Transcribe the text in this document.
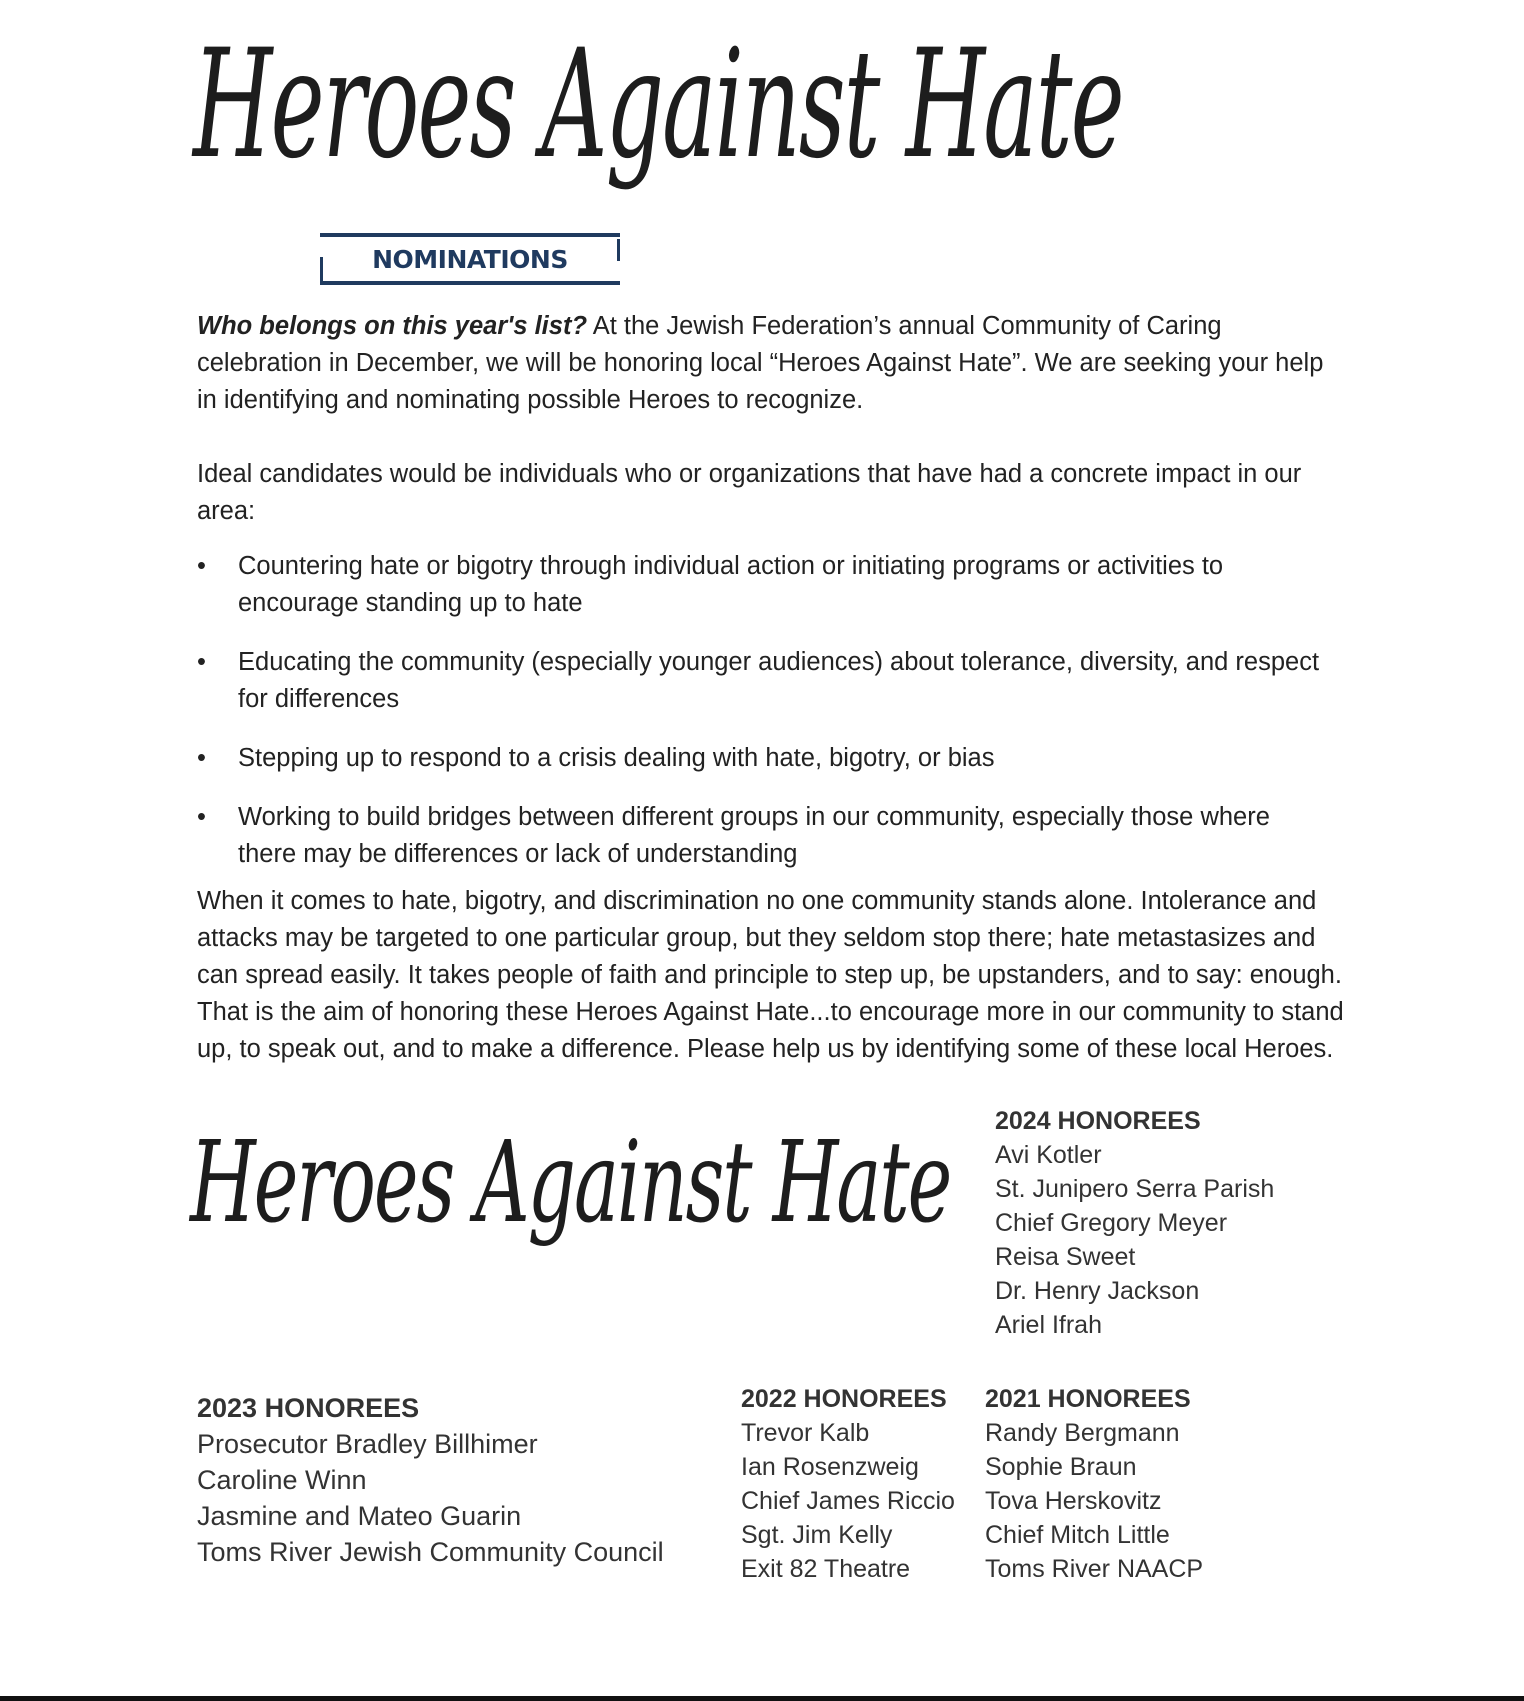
Heroes Against Hate
NOMINATIONS

Who belongs on this year's list? At the Jewish Federation’s annual Community of Caring celebration in December, we will be honoring local “Heroes Against Hate”. We are seeking your help in identifying and nominating possible Heroes to recognize.

Ideal candidates would be individuals who or organizations that have had a concrete impact in our area:

• Countering hate or bigotry through individual action or initiating programs or activities to encourage standing up to hate
• Educating the community (especially younger audiences) about tolerance, diversity, and respect for differences
• Stepping up to respond to a crisis dealing with hate, bigotry, or bias
• Working to build bridges between different groups in our community, especially those where there may be differences or lack of understanding

When it comes to hate, bigotry, and discrimination no one community stands alone. Intolerance and attacks may be targeted to one particular group, but they seldom stop there; hate metastasizes and can spread easily. It takes people of faith and principle to step up, be upstanders, and to say: enough. That is the aim of honoring these Heroes Against Hate...to encourage more in our community to stand up, to speak out, and to make a difference. Please help us by identifying some of these local Heroes.

Heroes Against Hate 2024 HONOREES
Avi Kotler
St. Junipero Serra Parish
Chief Gregory Meyer
Reisa Sweet
Dr. Henry Jackson
Ariel Ifrah
2023 HONOREES
Prosecutor Bradley Billhimer
Caroline Winn
Jasmine and Mateo Guarin
Toms River Jewish Community Council
2022 HONOREES
Trevor Kalb
Ian Rosenzweig
Chief James Riccio
Sgt. Jim Kelly
Exit 82 Theatre
2021 HONOREES
Randy Bergmann
Sophie Braun
Tova Herskovitz
Chief Mitch Little
Toms River NAACP
